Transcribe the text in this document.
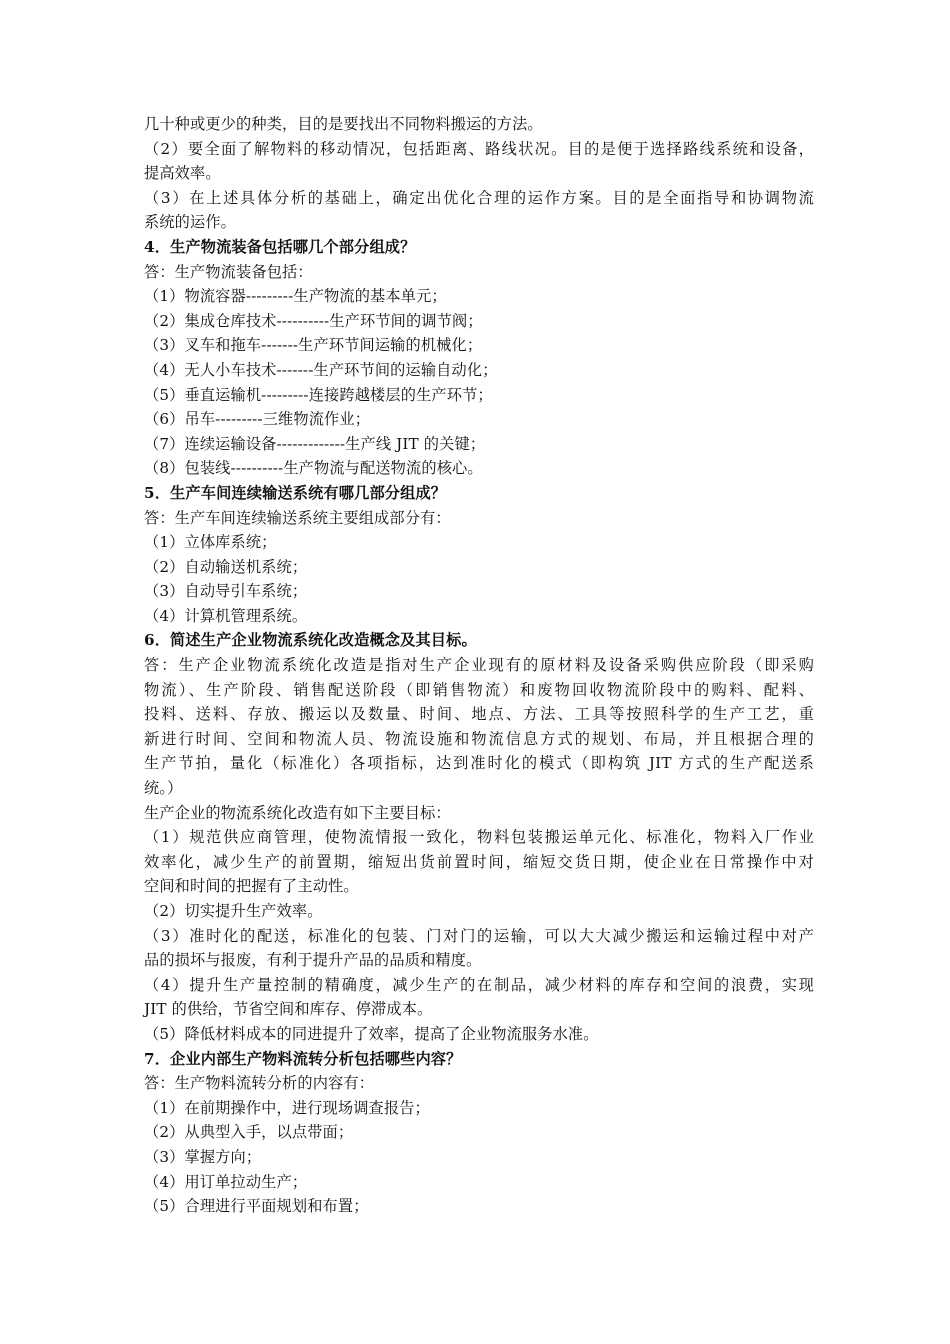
几十种或更少的种类，目的是要找出不同物料搬运的方法。
（2）要全面了解物料的移动情况，包括距离、路线状况。目的是便于选择路线系统和设备，
提高效率。
（3）在上述具体分析的基础上，确定出优化合理的运作方案。目的是全面指导和协调物流
系统的运作。
4．生产物流装备包括哪几个部分组成？
答：生产物流装备包括：
（1）物流容器---------生产物流的基本单元；
（2）集成仓库技术----------生产环节间的调节阀；
（3）叉车和拖车-------生产环节间运输的机械化；
（4）无人小车技术-------生产环节间的运输自动化；
（5）垂直运输机---------连接跨越楼层的生产环节；
（6）吊车---------三维物流作业；
（7）连续运输设备-------------生产线 JIT 的关键；
（8）包装线----------生产物流与配送物流的核心。
5．生产车间连续输送系统有哪几部分组成？
答：生产车间连续输送系统主要组成部分有：
（1）立体库系统；
（2）自动输送机系统；
（3）自动导引车系统；
（4）计算机管理系统。
6．简述生产企业物流系统化改造概念及其目标。
答：生产企业物流系统化改造是指对生产企业现有的原材料及设备采购供应阶段（即采购
物流）、生产阶段、销售配送阶段（即销售物流）和废物回收物流阶段中的购料、配料、
投料、送料、存放、搬运以及数量、时间、地点、方法、工具等按照科学的生产工艺，重
新进行时间、空间和物流人员、物流设施和物流信息方式的规划、布局，并且根据合理的
生产节拍，量化（标准化）各项指标，达到准时化的模式（即构筑 JIT 方式的生产配送系
统。）
生产企业的物流系统化改造有如下主要目标：
（1）规范供应商管理，使物流情报一致化，物料包装搬运单元化、标准化，物料入厂作业
效率化，减少生产的前置期，缩短出货前置时间，缩短交货日期，使企业在日常操作中对
空间和时间的把握有了主动性。
（2）切实提升生产效率。
（3）准时化的配送，标准化的包装、门对门的运输，可以大大减少搬运和运输过程中对产
品的损坏与报废，有利于提升产品的品质和精度。
（4）提升生产量控制的精确度，减少生产的在制品，减少材料的库存和空间的浪费，实现
JIT 的供给，节省空间和库存、停滞成本。
（5）降低材料成本的同进提升了效率，提高了企业物流服务水准。
7．企业内部生产物料流转分析包括哪些内容？
答：生产物料流转分析的内容有：
（1）在前期操作中，进行现场调查报告；
（2）从典型入手，以点带面；
（3）掌握方向；
（4）用订单拉动生产；
（5）合理进行平面规划和布置；
